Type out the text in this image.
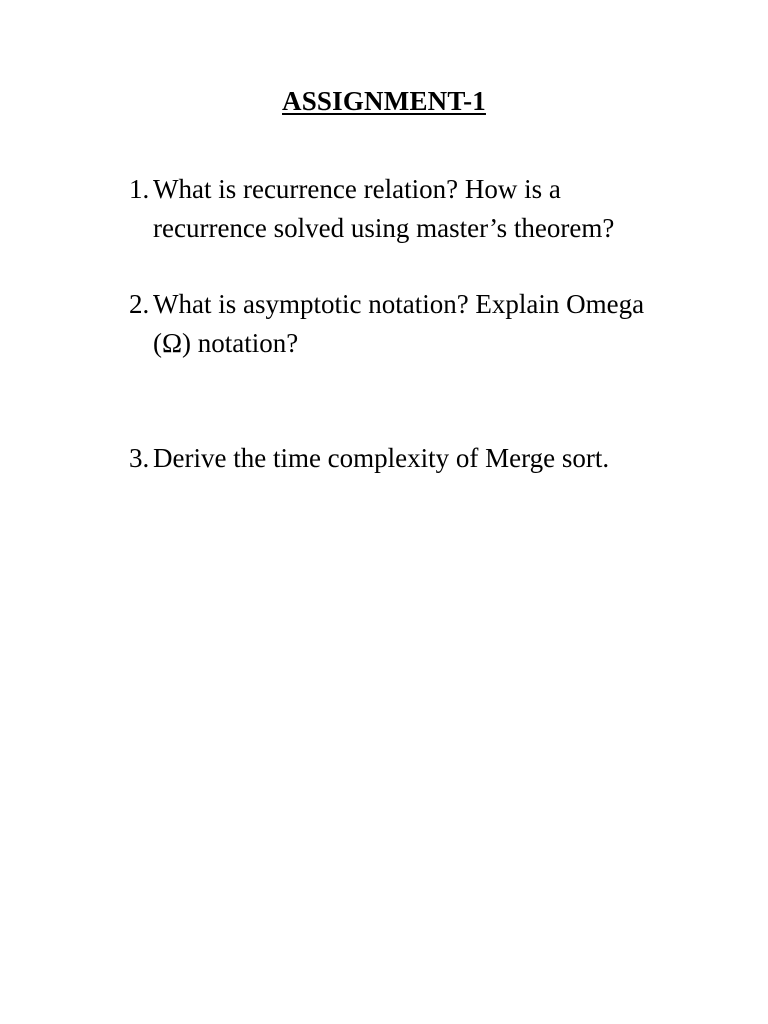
ASSIGNMENT-1
1. What is recurrence relation? How is a recurrence solved using master’s theorem?
2. What is asymptotic notation? Explain Omega (Ω) notation?
3. Derive the time complexity of Merge sort.
